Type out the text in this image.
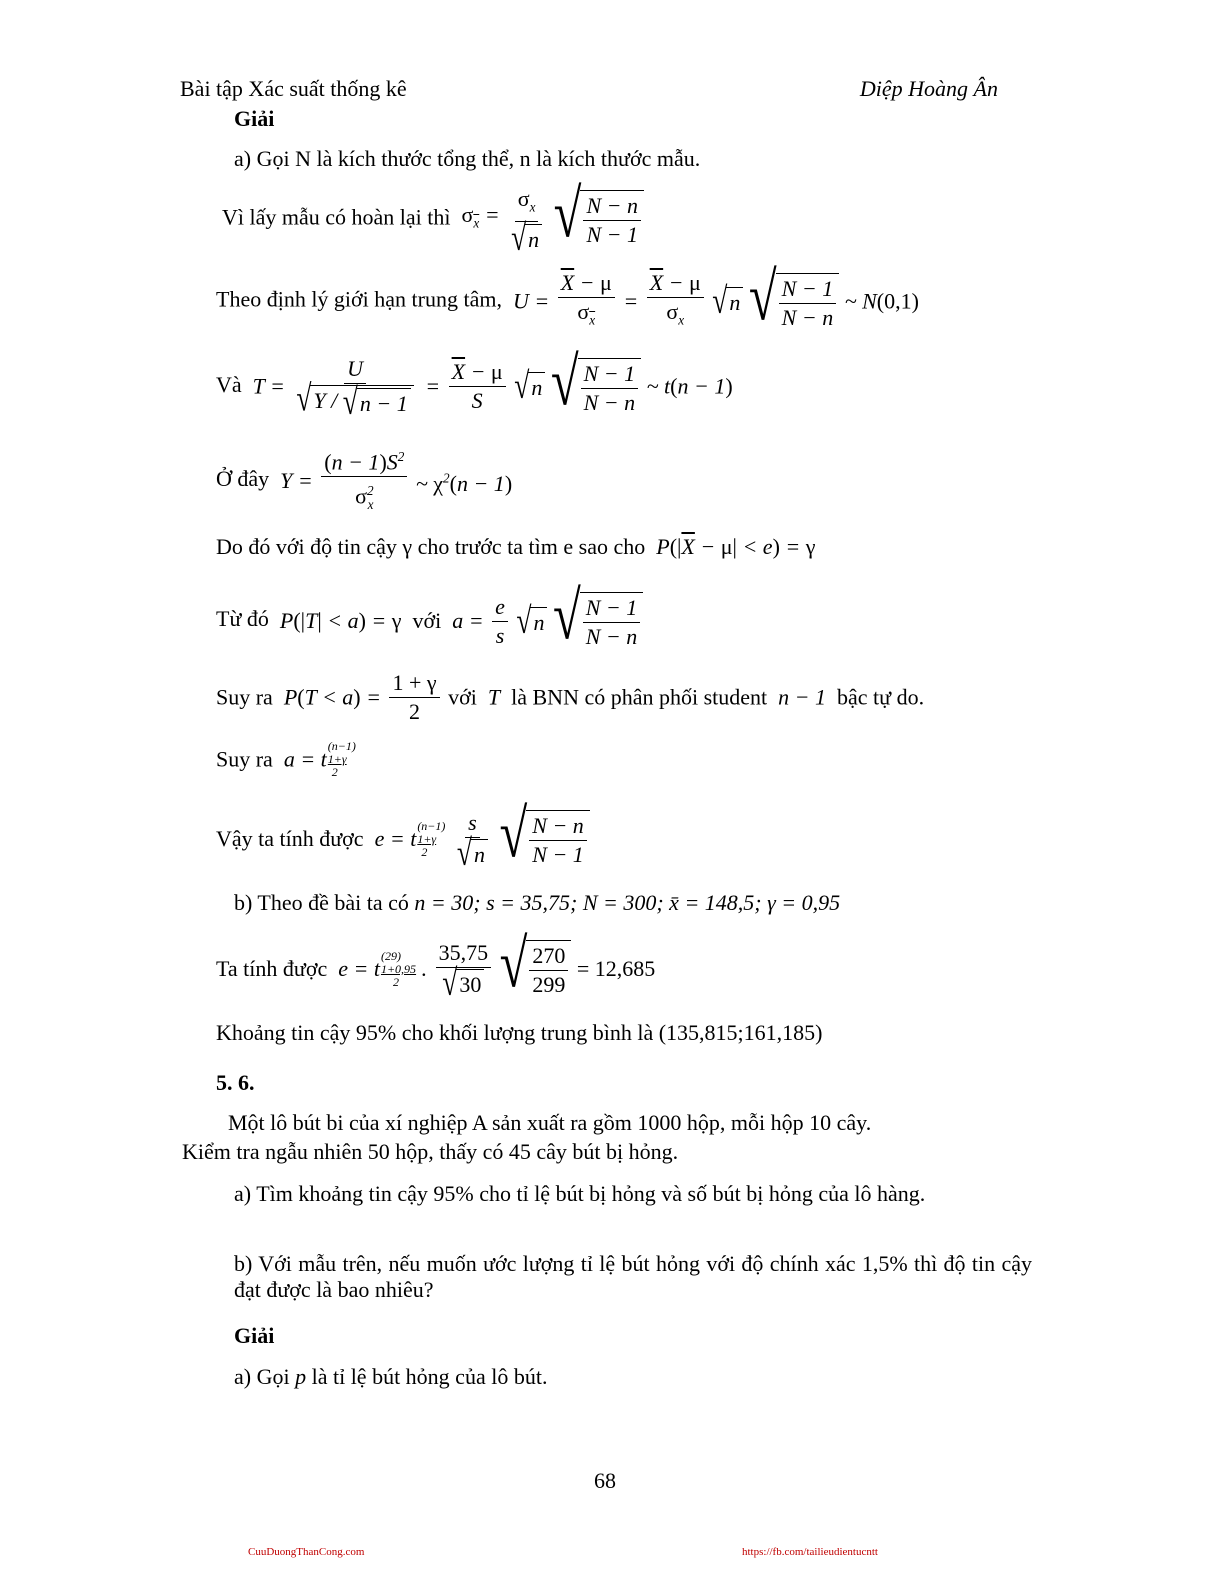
Bài tập Xác suất thống kê	Diệp Hoàng Ân
Giải
a) Gọi N là kích thước tổng thể, n là kích thước mẫu.
Vì lấy mẫu có hoàn lại thì $\sigma_{\overline{x}} = \frac{\sigma_x}{√ n}$
√ $\frac{N - n}{N - 1}$
Theo định lý giới hạn trung tâm,  $U = \frac{\overline{X} - \mu}{\sigma_{\overline{x}}} = \frac{\overline{X} - \mu}{\sigma_x}$
√ n
√ $\frac{N - 1}{N - n}$ ~ N(0,1)
Và  $T = \frac{U}{√ Y / √ n - 1} = \frac{\overline{X} - \mu}{S}$
√ n
√ $\frac{N - 1}{N - n}$ ~ t(n − 1)
Ở đây  $Y = \frac{(n - 1)S^2}{\sigma^2_x}$ ~ $\chi^2(n - 1)$
Do đó với độ tin cậy γ cho trước ta tìm e sao cho  $P(|\overline{X} - \mu| < e) = \gamma$
Từ đó  P(|T| < a) = γ với  $a = \frac{e}{s}$
√ n
√ $\frac{N - 1}{N - n}$
Suy ra  $P(T < a) = \frac{1 + \gamma}{2}$ với  T  là BNN có phân phối student  n − 1  bậc tự do.
Suy ra  a = t
(n−1)
1+γ
2
Vậy ta tính được  e = t
(n−1)
1+γ
2
	$\frac{s}{√ n}$
√ $\frac{N - n}{N - 1}$
b) Theo đề bài ta có n = 30; s = 35,75; N = 300; x̄ = 148,5; γ = 0,95
Ta tính được  e = t
(29)
1+0,95
2
. $\frac{35,75}{√ 30}$
√ $\frac{270}{299} = 12,685$
Khoảng tin cậy 95% cho khối lượng trung bình là (135,815;161,185)
5. 6.
Một lô bút bi của xí nghiệp A sản xuất ra gồm 1000 hộp, mỗi hộp 10 cây.
Kiểm tra ngẫu nhiên 50 hộp, thấy có 45 cây bút bị hỏng.
a) Tìm khoảng tin cậy 95% cho tỉ lệ bút bị hỏng và số bút bị hỏng của lô hàng.
b) Với mẫu trên, nếu muốn ước lượng tỉ lệ bút hỏng với độ chính xác 1,5% thì độ tin cậy đạt được là bao nhiêu?
Giải
a) Gọi p là tỉ lệ bút hỏng của lô bút.
68
CuuDuongThanCong.com	https://fb.com/tailieudientucntt
